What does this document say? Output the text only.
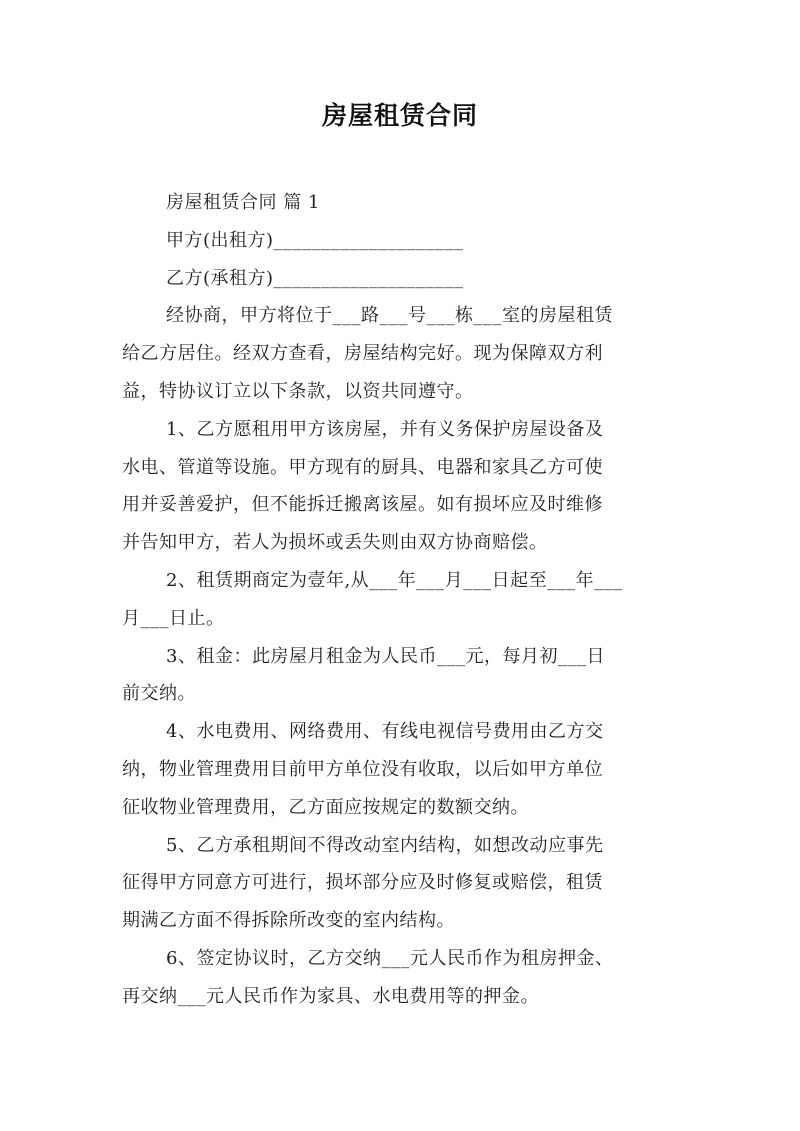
房屋租赁合同
房屋租赁合同 篇 1
甲方(出租方)____________________
乙方(承租方)____________________
经协商，甲方将位于___路___号___栋___室的房屋租赁
给乙方居住。经双方查看，房屋结构完好。现为保障双方利
益，特协议订立以下条款，以资共同遵守。
1、乙方愿租用甲方该房屋，并有义务保护房屋设备及
水电、管道等设施。甲方现有的厨具、电器和家具乙方可使
用并妥善爱护，但不能拆迁搬离该屋。如有损坏应及时维修
并告知甲方，若人为损坏或丢失则由双方协商赔偿。
2、租赁期商定为壹年,从___年___月___日起至___年___
月___日止。
3、租金：此房屋月租金为人民币___元，每月初___日
前交纳。
4、水电费用、网络费用、有线电视信号费用由乙方交
纳，物业管理费用目前甲方单位没有收取，以后如甲方单位
征收物业管理费用，乙方面应按规定的数额交纳。
5、乙方承租期间不得改动室内结构，如想改动应事先
征得甲方同意方可进行，损坏部分应及时修复或赔偿，租赁
期满乙方面不得拆除所改变的室内结构。
6、签定协议时，乙方交纳___元人民币作为租房押金、
再交纳___元人民币作为家具、水电费用等的押金。
